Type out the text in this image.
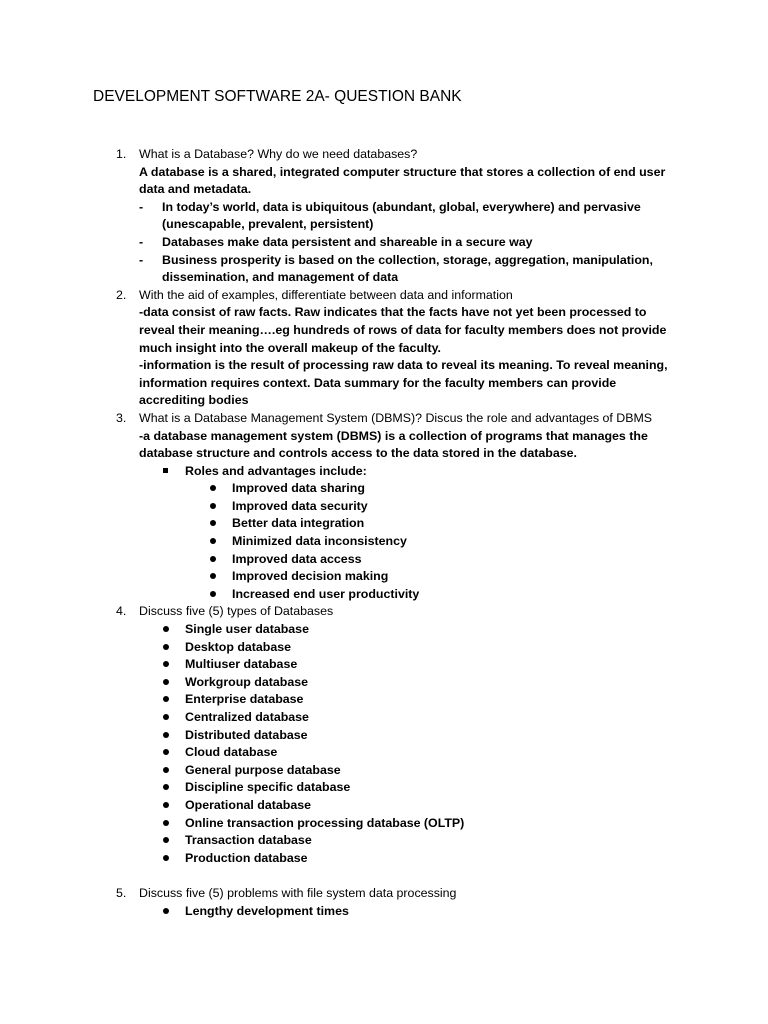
DEVELOPMENT SOFTWARE 2A- QUESTION BANK
1. What is a Database? Why do we need databases?
A database is a shared, integrated computer structure that stores a collection of end user data and metadata.
- In today’s world, data is ubiquitous (abundant, global, everywhere) and pervasive (unescapable, prevalent, persistent)
- Databases make data persistent and shareable in a secure way
- Business prosperity is based on the collection, storage, aggregation, manipulation, dissemination, and management of data
2. With the aid of examples, differentiate between data and information
-data consist of raw facts. Raw indicates that the facts have not yet been processed to reveal their meaning….eg hundreds of rows of data for faculty members does not provide much insight into the overall makeup of the faculty.
-information is the result of processing raw data to reveal its meaning. To reveal meaning, information requires context. Data summary for the faculty members can provide accrediting bodies
3. What is a Database Management System (DBMS)? Discus the role and advantages of DBMS
-a database management system (DBMS) is a collection of programs that manages the database structure and controls access to the data stored in the database.
Roles and advantages include:
Improved data sharing
Improved data security
Better data integration
Minimized data inconsistency
Improved data access
Improved decision making
Increased end user productivity
4. Discuss five (5) types of Databases
Single user database
Desktop database
Multiuser database
Workgroup database
Enterprise database
Centralized database
Distributed database
Cloud database
General purpose database
Discipline specific database
Operational database
Online transaction processing database (OLTP)
Transaction database
Production database
5. Discuss five (5) problems with file system data processing
Lengthy development times
